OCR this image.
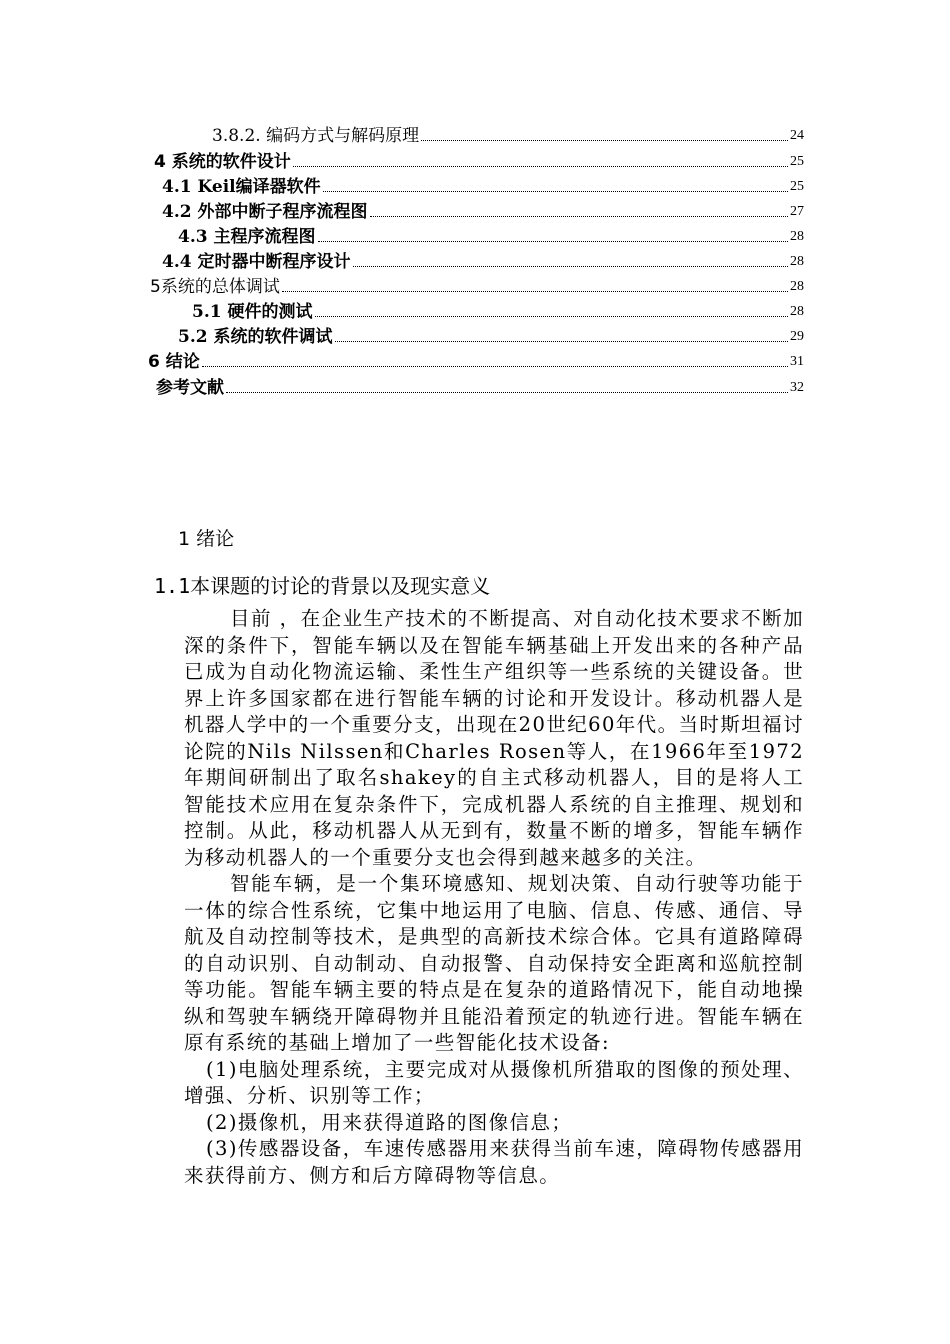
3.8.2. 编码方式与解码原理	24
4 系统的软件设计	25
4.1 Keil编译器软件	25
4.2 外部中断子程序流程图	27
4.3 主程序流程图	28
4.4 定时器中断程序设计	28
5系统的总体调试	28
5.1 硬件的测试	28
5.2 系统的软件调试	29
6 结论	31
参考文献	32
1 绪论
1.1本课题的讨论的背景以及现实意义

目前 ，在企业生产技术的不断提高、对自动化技术要求不断加深的条件下，智能车辆以及在智能车辆基础上开发出来的各种产品已成为自动化物流运输、柔性生产组织等一些系统的关键设备。世界上许多国家都在进行智能车辆的讨论和开发设计。移动机器人是机器人学中的一个重要分支，出现在20世纪60年代。当时斯坦福讨论院的Nils Nilssen和Charles Rosen等人，在1966年至1972年期间研制出了取名shakey的自主式移动机器人，目的是将人工智能技术应用在复杂条件下，完成机器人系统的自主推理、规划和控制。从此，移动机器人从无到有，数量不断的增多，智能车辆作为移动机器人的一个重要分支也会得到越来越多的关注。

智能车辆，是一个集环境感知、规划决策、自动行驶等功能于一体的综合性系统，它集中地运用了电脑、信息、传感、通信、导航及自动控制等技术，是典型的高新技术综合体。它具有道路障碍的自动识别、自动制动、自动报警、自动保持安全距离和巡航控制等功能。智能车辆主要的特点是在复杂的道路情况下，能自动地操纵和驾驶车辆绕开障碍物并且能沿着预定的轨迹行进。智能车辆在原有系统的基础上增加了一些智能化技术设备:

(1)电脑处理系统，主要完成对从摄像机所猎取的图像的预处理、增强、分析、识别等工作；

(2)摄像机，用来获得道路的图像信息；

(3)传感器设备，车速传感器用来获得当前车速，障碍物传感器用来获得前方、侧方和后方障碍物等信息。
